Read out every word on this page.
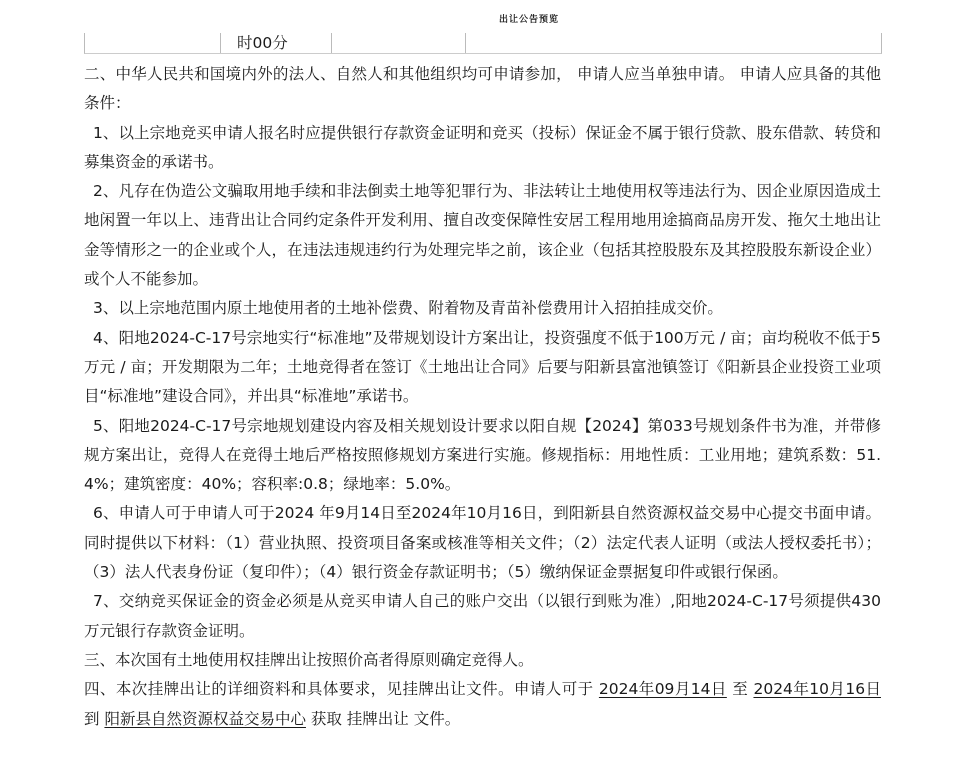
出让公告预览
时00分

二、中华人民共和国境内外的法人、自然人和其他组织均可申请参加， 申请人应当单独申请。 申请人应具备的其他条件：

1、以上宗地竞买申请人报名时应提供银行存款资金证明和竞买（投标）保证金不属于银行贷款、股东借款、转贷和募集资金的承诺书。

2、凡存在伪造公文骗取用地手续和非法倒卖土地等犯罪行为、非法转让土地使用权等违法行为、因企业原因造成土地闲置一年以上、违背出让合同约定条件开发利用、擅自改变保障性安居工程用地用途搞商品房开发、拖欠土地出让金等情形之一的企业或个人，在违法违规违约行为处理完毕之前，该企业（包括其控股股东及其控股股东新设企业）或个人不能参加。

3、以上宗地范围内原土地使用者的土地补偿费、附着物及青苗补偿费用计入招拍挂成交价。

4、阳地2024-C-17号宗地实行“标准地”及带规划设计方案出让，投资强度不低于100万元 / 亩；亩均税收不低于5万元 / 亩；开发期限为二年；土地竞得者在签订《土地出让合同》后要与阳新县富池镇签订《阳新县企业投资工业项目“标准地”建设合同》，并出具“标准地”承诺书。

5、阳地2024-C-17号宗地规划建设内容及相关规划设计要求以阳自规【2024】第033号规划条件书为准，并带修规方案出让，竞得人在竞得土地后严格按照修规划方案进行实施。修规指标：用地性质：工业用地；建筑系数：51.4%；建筑密度：40%；容积率:0.8；绿地率：5.0%。

6、申请人可于申请人可于2024 年9月14日至2024年10月16日，到阳新县自然资源权益交易中心提交书面申请。同时提供以下材料：（1）营业执照、投资项目备案或核准等相关文件；（2）法定代表人证明（或法人授权委托书）；（3）法人代表身份证（复印件）；（4）银行资金存款证明书；（5）缴纳保证金票据复印件或银行保函。

7、交纳竞买保证金的资金必须是从竞买申请人自己的账户交出（以银行到账为准）,阳地2024-C-17号须提供430万元银行存款资金证明。

三、本次国有土地使用权挂牌出让按照价高者得原则确定竞得人。

四、本次挂牌出让的详细资料和具体要求，见挂牌出让文件。申请人可于 2024年09月14日 至 2024年10月16日 到 阳新县自然资源权益交易中心 获取 挂牌出让 文件。
